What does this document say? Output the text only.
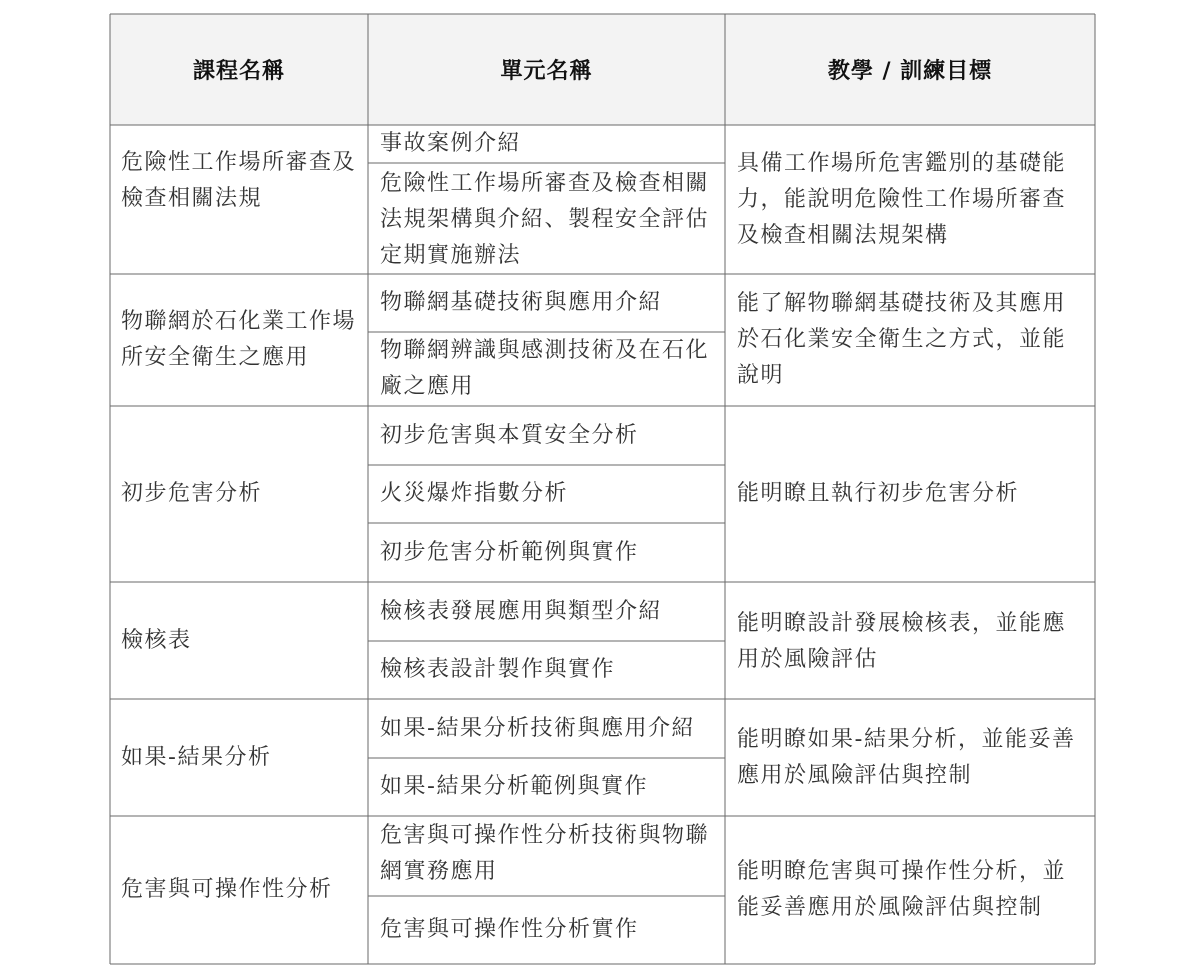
課程名稱	單元名稱	教學 / 訓練目標
危險性工作場所審查及檢查相關法規
事故案例介紹
危險性工作場所審查及檢查相關法規架構與介紹、製程安全評估定期實施辦法
具備工作場所危害鑑別的基礎能力，能說明危險性工作場所審查及檢查相關法規架構
物聯網於石化業工作場所安全衛生之應用
物聯網基礎技術與應用介紹
物聯網辨識與感測技術及在石化廠之應用
能了解物聯網基礎技術及其應用於石化業安全衛生之方式，並能說明
初步危害分析
初步危害與本質安全分析
火災爆炸指數分析
初步危害分析範例與實作
能明瞭且執行初步危害分析
檢核表
檢核表發展應用與類型介紹
檢核表設計製作與實作
能明瞭設計發展檢核表，並能應用於風險評估
如果-結果分析
如果-結果分析技術與應用介紹
如果-結果分析範例與實作
能明瞭如果-結果分析，並能妥善應用於風險評估與控制
危害與可操作性分析
危害與可操作性分析技術與物聯網實務應用
危害與可操作性分析實作
能明瞭危害與可操作性分析，並能妥善應用於風險評估與控制
